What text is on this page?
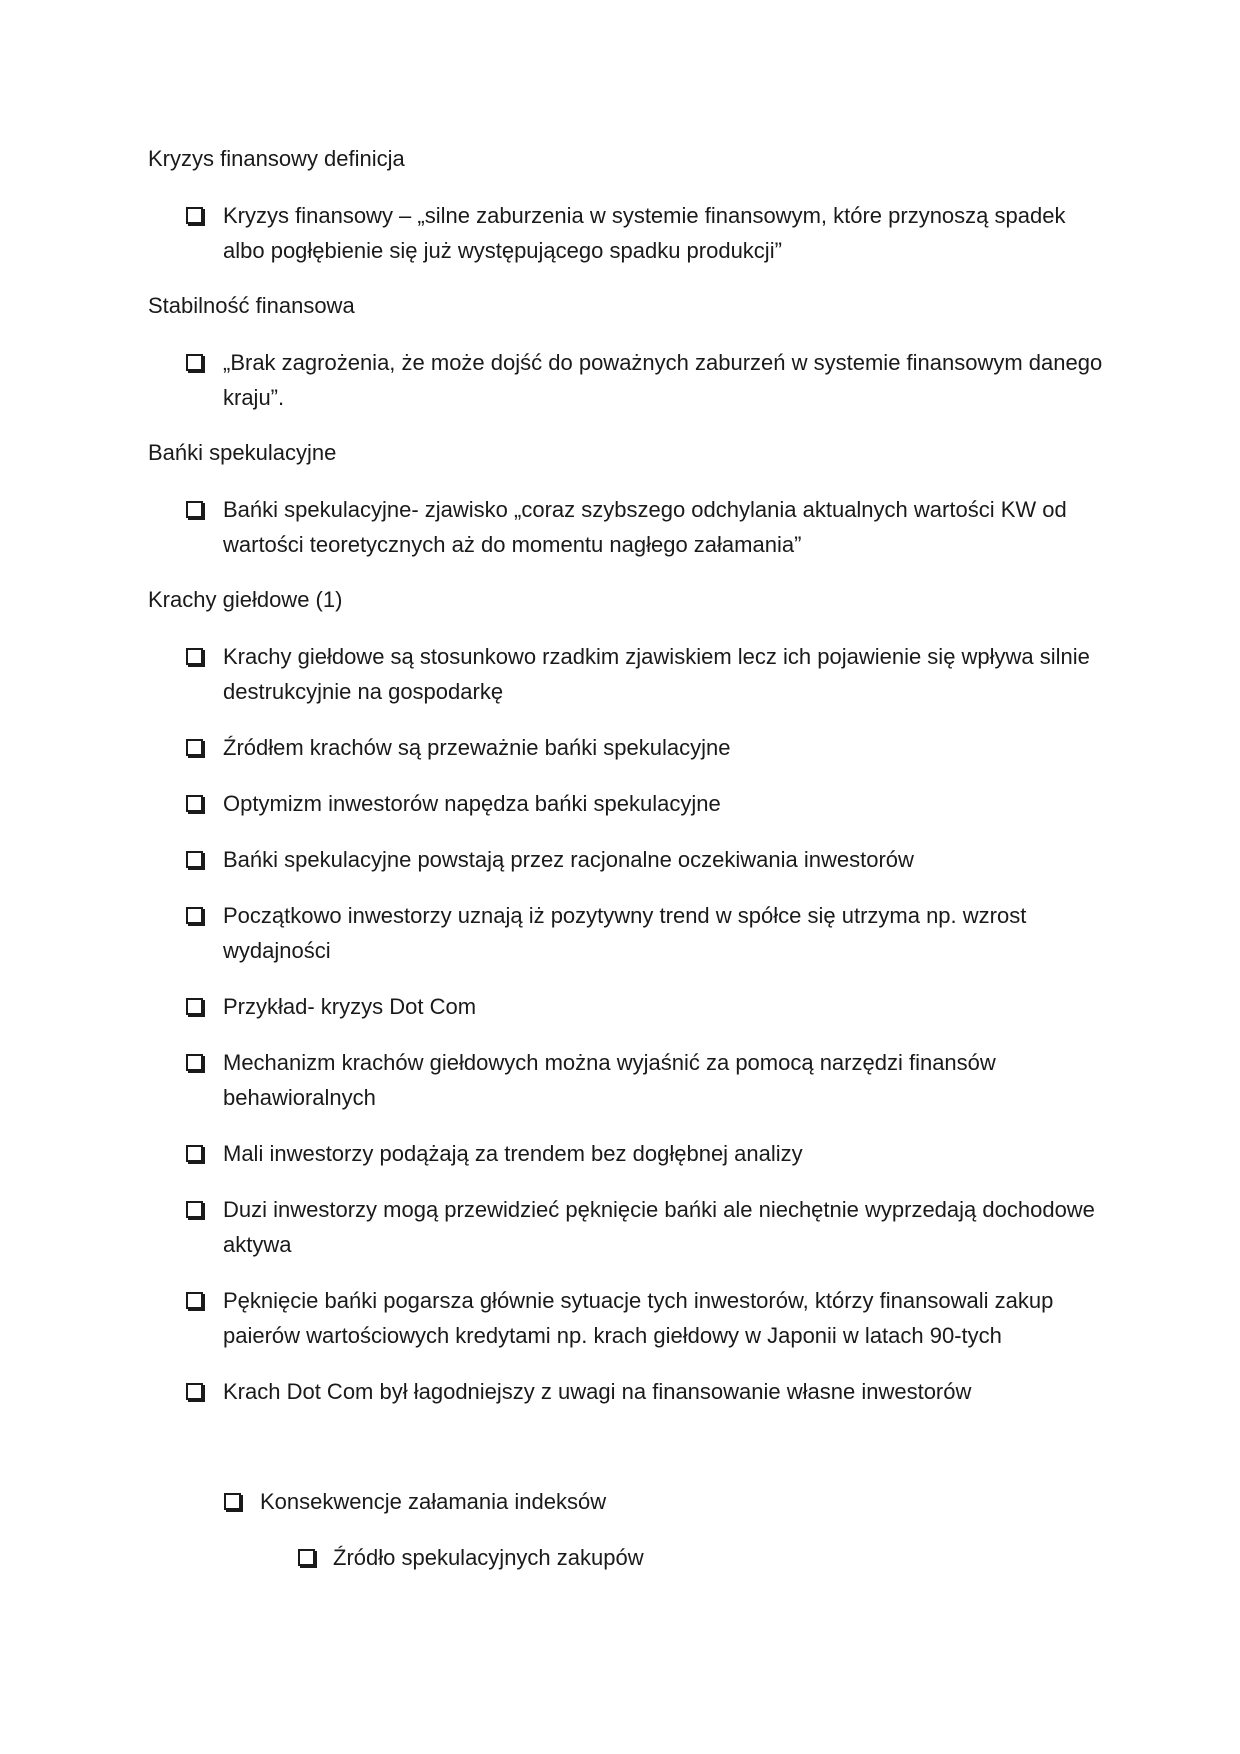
Kryzys finansowy definicja
Kryzys finansowy – „silne zaburzenia w systemie finansowym, które przynoszą spadek albo pogłębienie się już występującego spadku produkcji”
Stabilność finansowa
„Brak zagrożenia, że może dojść do poważnych zaburzeń w systemie finansowym danego kraju”.
Bańki spekulacyjne
Bańki spekulacyjne- zjawisko „coraz szybszego odchylania aktualnych wartości KW od wartości teoretycznych aż do momentu nagłego załamania”
Krachy giełdowe (1)
Krachy giełdowe są stosunkowo rzadkim zjawiskiem lecz ich pojawienie się wpływa silnie destrukcyjnie na gospodarkę
Źródłem krachów są przeważnie bańki spekulacyjne
Optymizm inwestorów napędza bańki spekulacyjne
Bańki spekulacyjne powstają przez racjonalne oczekiwania inwestorów
Początkowo inwestorzy uznają iż pozytywny trend w spółce się utrzyma np. wzrost wydajności
Przykład- kryzys Dot Com
Mechanizm krachów giełdowych można wyjaśnić za pomocą narzędzi finansów behawioralnych
Mali inwestorzy podążają za trendem bez dogłębnej analizy
Duzi inwestorzy mogą przewidzieć pęknięcie bańki ale niechętnie wyprzedają dochodowe aktywa
Pęknięcie bańki pogarsza głównie sytuacje tych inwestorów, którzy finansowali zakup paierów wartościowych kredytami np. krach giełdowy w Japonii w latach 90-tych
Krach Dot Com był łagodniejszy z uwagi na finansowanie własne inwestorów
Konsekwencje załamania indeksów
Źródło spekulacyjnych zakupów
